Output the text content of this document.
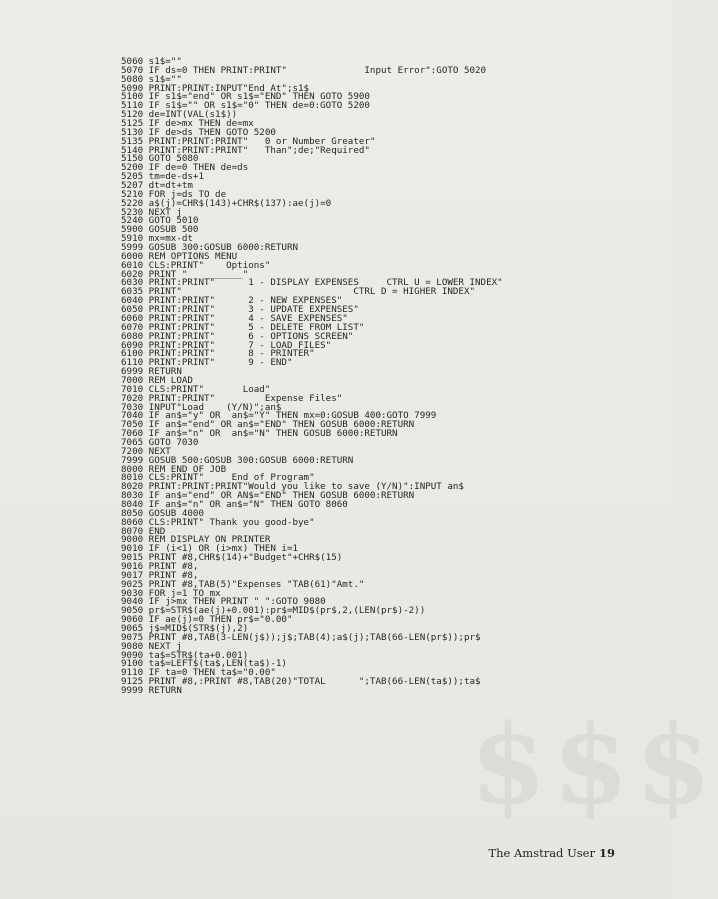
$$$
5060 s1$=""
5070 IF ds=0 THEN PRINT:PRINT"              Input Error":GOTO 5020
5080 s1$=""
5090 PRINT:PRINT:INPUT"End At";s1$
5100 IF s1$="end" OR s1$="END" THEN GOTO 5900
5110 IF s1$="" OR s1$="0" THEN de=0:GOTO 5200
5120 de=INT(VAL(s1$))
5125 IF de>mx THEN de=mx
5130 IF de>ds THEN GOTO 5200
5135 PRINT:PRINT:PRINT"   0 or Number Greater"
5140 PRINT:PRINT:PRINT"   Than";de;"Required"
5150 GOTO 5080
5200 IF de=0 THEN de=ds
5205 tm=de-ds+1
5207 dt=dt+tm
5210 FOR j=ds TO de
5220 a$(j)=CHR$(143)+CHR$(137):ae(j)=0
5230 NEXT j
5240 GOTO 5010
5900 GOSUB 500
5910 mx=mx-dt
5999 GOSUB 300:GOSUB 6000:RETURN
6000 REM OPTIONS MENU
6010 CLS:PRINT"    Options"
6020 PRINT "    ______"
6030 PRINT:PRINT"      1 - DISPLAY EXPENSES     CTRL U = LOWER INDEX"
6035 PRINT"                               CTRL D = HIGHER INDEX"
6040 PRINT:PRINT"      2 - NEW EXPENSES"
6050 PRINT:PRINT"      3 - UPDATE EXPENSES"
6060 PRINT:PRINT"      4 - SAVE EXPENSES"
6070 PRINT:PRINT"      5 - DELETE FROM LIST"
6080 PRINT:PRINT"      6 - OPTIONS SCREEN"
6090 PRINT:PRINT"      7 - LOAD FILES"
6100 PRINT:PRINT"      8 - PRINTER"
6110 PRINT:PRINT"      9 - END"
6999 RETURN
7000 REM LOAD
7010 CLS:PRINT"       Load"
7020 PRINT:PRINT"         Expense Files"
7030 INPUT"Load    (Y/N)";an$
7040 IF an$="y" OR  an$="Y" THEN mx=0:GOSUB 400:GOTO 7999
7050 IF an$="end" OR an$="END" THEN GOSUB 6000:RETURN
7060 IF an$="n" OR  an$="N" THEN GOSUB 6000:RETURN
7065 GOTO 7030
7200 NEXT
7999 GOSUB 500:GOSUB 300:GOSUB 6000:RETURN
8000 REM END OF JOB
8010 CLS:PRINT"     End of Program"
8020 PRINT:PRINT:PRINT"Would you like to save (Y/N)":INPUT an$
8030 IF an$="end" OR AN$="END" THEN GOSUB 6000:RETURN
8040 IF an$="n" OR an$="N" THEN GOTO 8060
8050 GOSUB 4000
8060 CLS:PRINT" Thank you good-bye"
8070 END
9000 REM DISPLAY ON PRINTER
9010 IF (i<1) OR (i>mx) THEN i=1
9015 PRINT #8,CHR$(14)+"Budget"+CHR$(15)
9016 PRINT #8,
9017 PRINT #8,
9025 PRINT #8,TAB(5)"Expenses "TAB(61)"Amt."
9030 FOR j=1 TO mx
9040 IF j>mx THEN PRINT " ":GOTO 9080
9050 pr$=STR$(ae(j)+0.001):pr$=MID$(pr$,2,(LEN(pr$)-2))
9060 IF ae(j)=0 THEN pr$="0.00"
9065 j$=MID$(STR$(j),2)
9075 PRINT #8,TAB(3-LEN(j$));j$;TAB(4);a$(j);TAB(66-LEN(pr$));pr$
9080 NEXT j
9090 ta$=STR$(ta+0.001)
9100 ta$=LEFT$(ta$,LEN(ta$)-1)
9110 IF ta=0 THEN ta$="0.00"
9125 PRINT #8,:PRINT #8,TAB(20)"TOTAL      ";TAB(66-LEN(ta$));ta$
9999 RETURN
The Amstrad User 19
